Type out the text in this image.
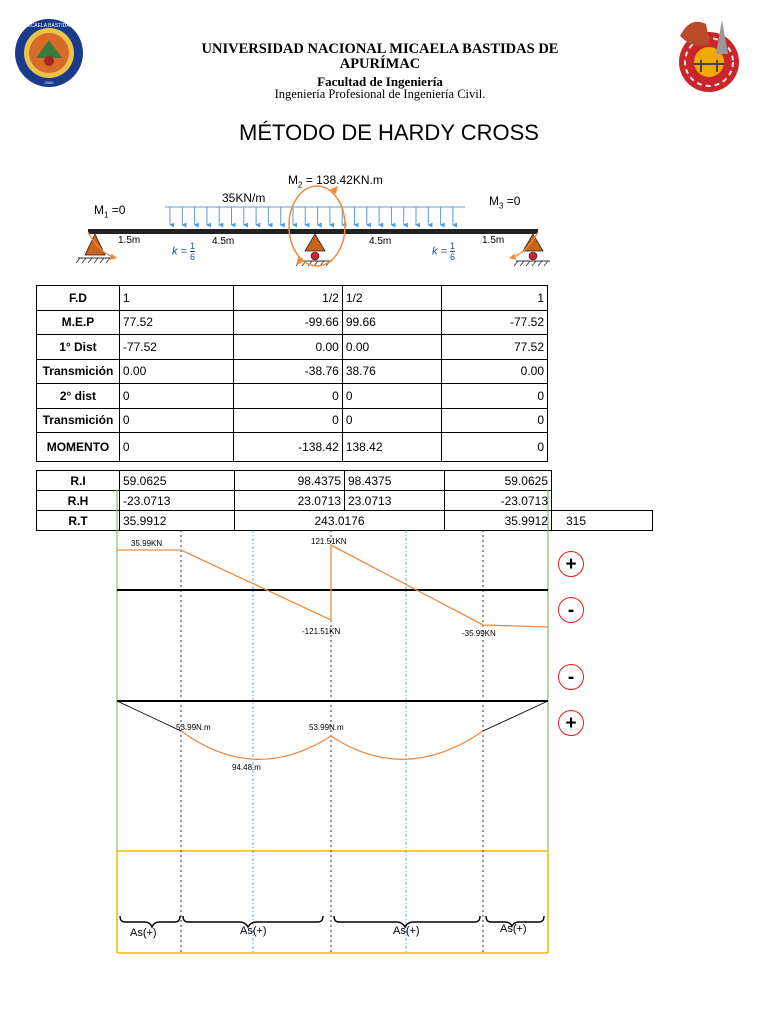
MICAELA BASTIDAS
2000
UNIVERSIDAD NACIONAL MICAELA BASTIDAS DE APURÍMAC
Facultad de Ingeniería
Ingeniería Profesional de Ingeniería Civil.
MÉTODO DE HARDY CROSS
35KN/m
$M_1 =0$
$M_2 = 138.42KN.m$
$M_3 =0$
1.5m	4.5m	4.5m	1.5m
$k = \frac{1}{6}$	$k = \frac{1}{6}$
F.D	1	1/2	1/2	1
M.E.P	77.52	-99.66	99.66	-77.52
1° Dist	-77.52	0.00	0.00	77.52
Transmición	0.00	-38.76	38.76	0.00
2° dist	0	0	0	0
Transmición	0	0	0	0
MOMENTO	0	-138.42	138.42	0
R.I	59.0625	98.4375	98.4375	59.0625	
R.H	-23.0713	23.0713	23.0713	-23.0713	
R.T	35.9912	243.0176		35.9912	315
35.99KN	121.51KN
-121.51KN	-35.99KN
53.99N.m	53.99N.m
94.48.m
+
-
-
+
As(+)	As(+)	As(+)	As(+)
